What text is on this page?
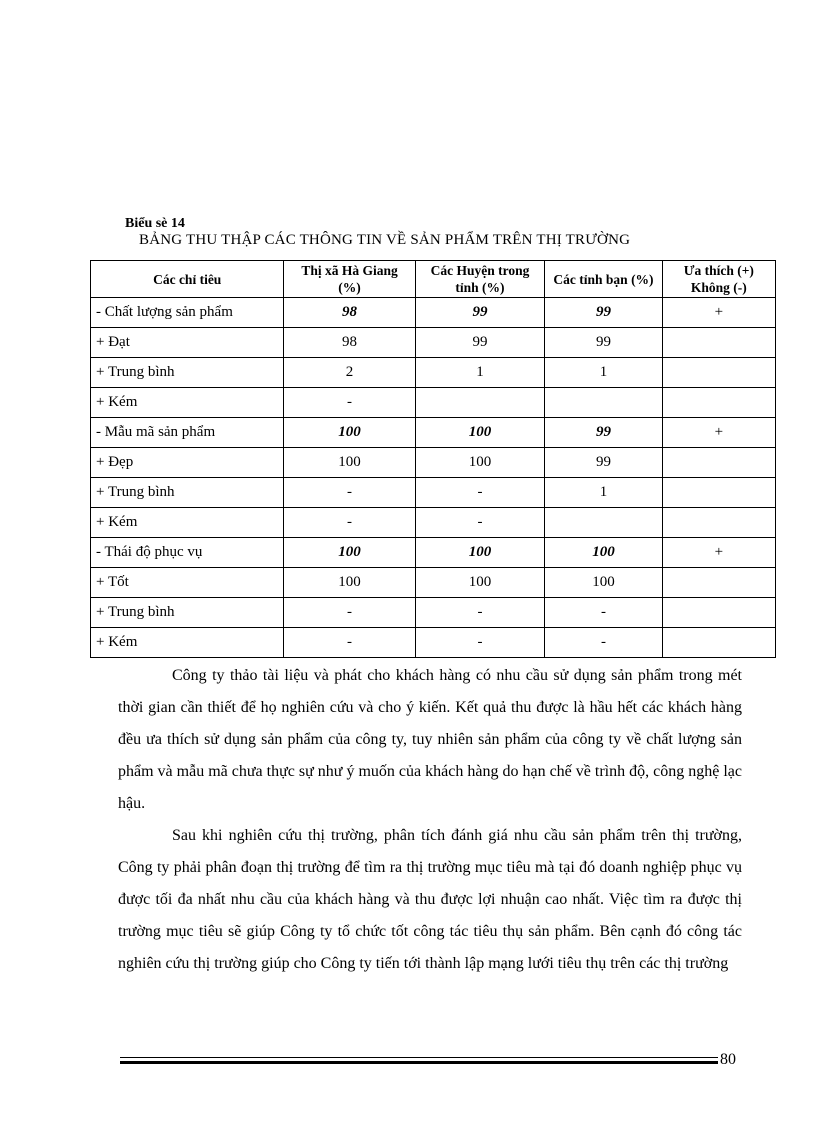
Biểu sè 14
BẢNG THU THẬP CÁC THÔNG TIN VỀ SẢN PHẨM TRÊN THỊ TRƯỜNG
Các chỉ tiêu	Thị xã Hà Giang (%)	Các Huyện trong tỉnh (%)	Các tỉnh bạn (%)	Ưa thích (+) Không (-)
- Chất lượng sản phẩm	98	99	99	+
+ Đạt	98	99	99	
+ Trung bình	2	1	1	
+ Kém	-			
- Mẫu mã sản phẩm	100	100	99	+
+ Đẹp	100	100	99	
+ Trung bình	-	-	1	
+ Kém	-	-		
- Thái độ phục vụ	100	100	100	+
+ Tốt	100	100	100	
+ Trung bình	-	-	-	
+ Kém	-	-	-	

Công ty thảo tài liệu và phát cho khách hàng có nhu cầu sử dụng sản phẩm trong mét thời gian cần thiết để họ nghiên cứu và cho ý kiến. Kết quả thu được là hầu hết các khách hàng đều ưa thích sử dụng sản phẩm của công ty, tuy nhiên sản phẩm của công ty về chất lượng sản phẩm và mẫu mã chưa thực sự như ý muốn của khách hàng do hạn chế về trình độ, công nghệ lạc hậu.

Sau khi nghiên cứu thị trường, phân tích đánh giá nhu cầu sản phẩm trên thị trường, Công ty phải phân đoạn thị trường để tìm ra thị trường mục tiêu mà tại đó doanh nghiệp phục vụ được tối đa nhất nhu cầu của khách hàng và thu được lợi nhuận cao nhất. Việc tìm ra được thị trường mục tiêu sẽ giúp Công ty tổ chức tốt công tác tiêu thụ sản phẩm. Bên cạnh đó công tác nghiên cứu thị trường giúp cho Công ty tiến tới thành lập mạng lưới tiêu thụ trên các thị trường

80
